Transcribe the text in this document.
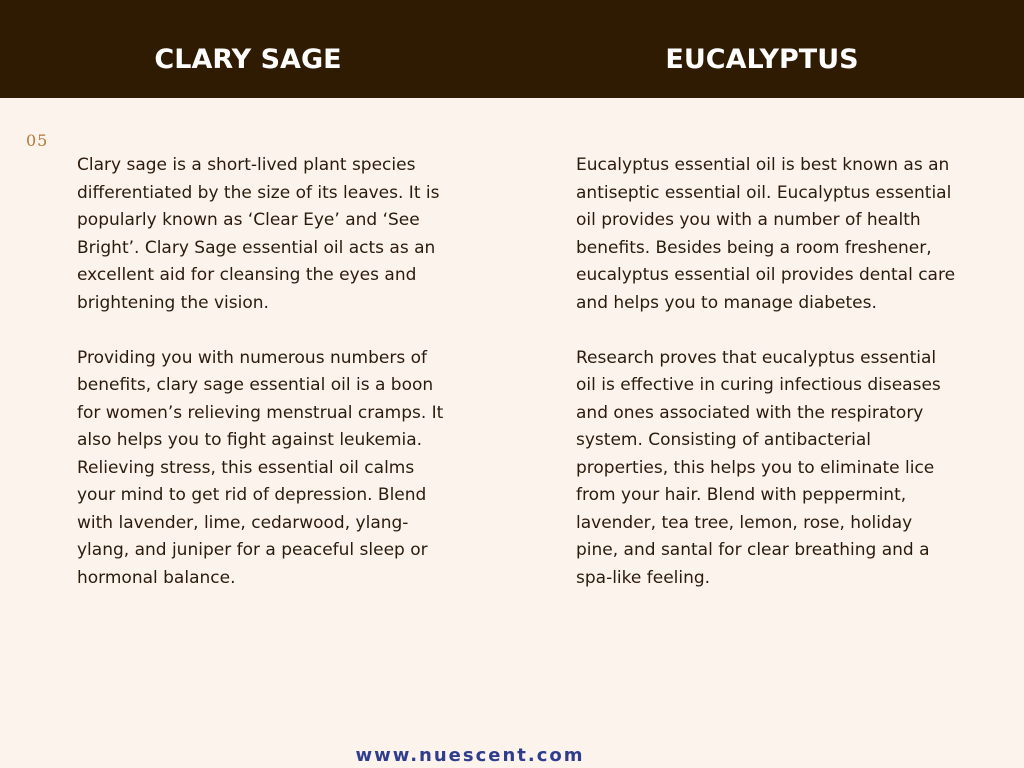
CLARY SAGE	EUCALYPTUS
05

Clary sage is a short-lived plant species differentiated by the size of its leaves. It is popularly known as ‘Clear Eye’ and ‘See Bright’. Clary Sage essential oil acts as an excellent aid for cleansing the eyes and brightening the vision.

Providing you with numerous numbers of benefits, clary sage essential oil is a boon for women’s relieving menstrual cramps. It also helps you to fight against leukemia. Relieving stress, this essential oil calms your mind to get rid of depression. Blend with lavender, lime, cedarwood, ylang-ylang, and juniper for a peaceful sleep or hormonal balance.

Eucalyptus essential oil is best known as an antiseptic essential oil. Eucalyptus essential oil provides you with a number of health benefits. Besides being a room freshener, eucalyptus essential oil provides dental care and helps you to manage diabetes.

Research proves that eucalyptus essential oil is effective in curing infectious diseases and ones associated with the respiratory system. Consisting of antibacterial properties, this helps you to eliminate lice from your hair. Blend with peppermint, lavender, tea tree, lemon, rose, holiday pine, and santal for clear breathing and a spa-like feeling.

www.nuescent.com
